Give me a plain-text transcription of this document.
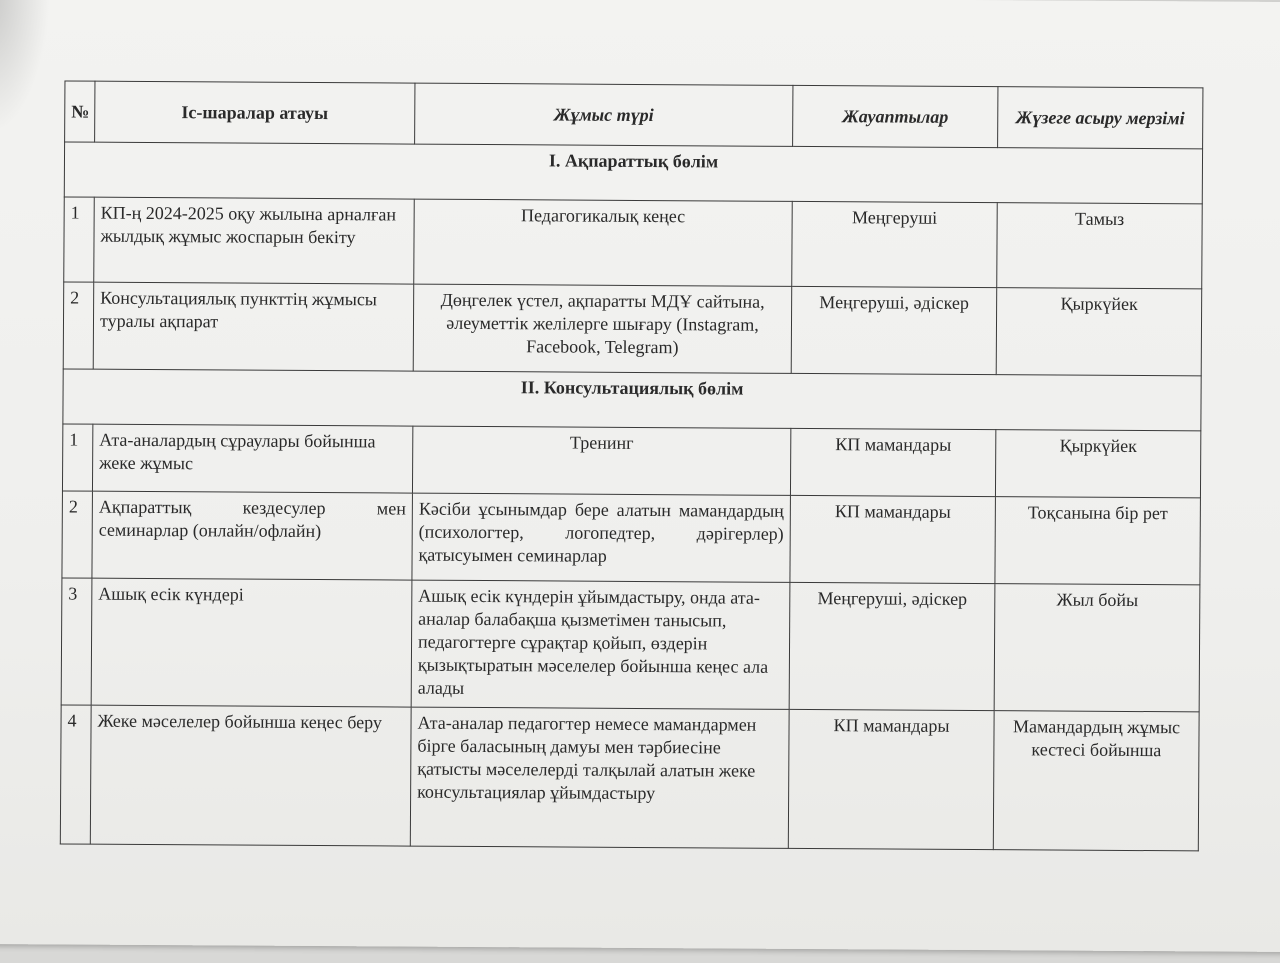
№	Іс-шаралар атауы	Жұмыс түрі	Жауаптылар	Жүзеге асыру мерзімі
I. Ақпараттық бөлім				
1	КП-ң 2024-2025 оқу жылына арналған жылдық жұмыс жоспарын бекіту	Педагогикалық кеңес	Меңгеруші	Тамыз
2	Консультациялық пункттің жұмысы туралы ақпарат	Дөңгелек үстел, ақпаратты МДҰ сайтына, әлеуметтік желілерге шығару (Instagram, Facebook, Telegram)	Меңгеруші, әдіскер	Қыркүйек
II. Консультациялық бөлім				
1	Ата-аналардың сұраулары бойынша жеке жұмыс	Тренинг	КП мамандары	Қыркүйек
2	Ақпараттық кездесулер мен семинарлар (онлайн/офлайн)	Кәсіби ұсынымдар бере алатын мамандардың (психологтер, логопедтер, дәрігерлер) қатысуымен семинарлар	КП мамандары	Тоқсанына бір рет
3	Ашық есік күндері	Ашық есік күндерін ұйымдастыру, онда ата-аналар балабақша қызметімен танысып, педагогтерге сұрақтар қойып, өздерін қызықтыратын мәселелер бойынша кеңес ала алады	Меңгеруші, әдіскер	Жыл бойы
4	Жеке мәселелер бойынша кеңес беру	Ата-аналар педагогтер немесе мамандармен бірге баласының дамуы мен тәрбиесіне қатысты мәселелерді талқылай алатын жеке консультациялар ұйымдастыру	КП мамандары	Мамандардың жұмыс кестесі бойынша
